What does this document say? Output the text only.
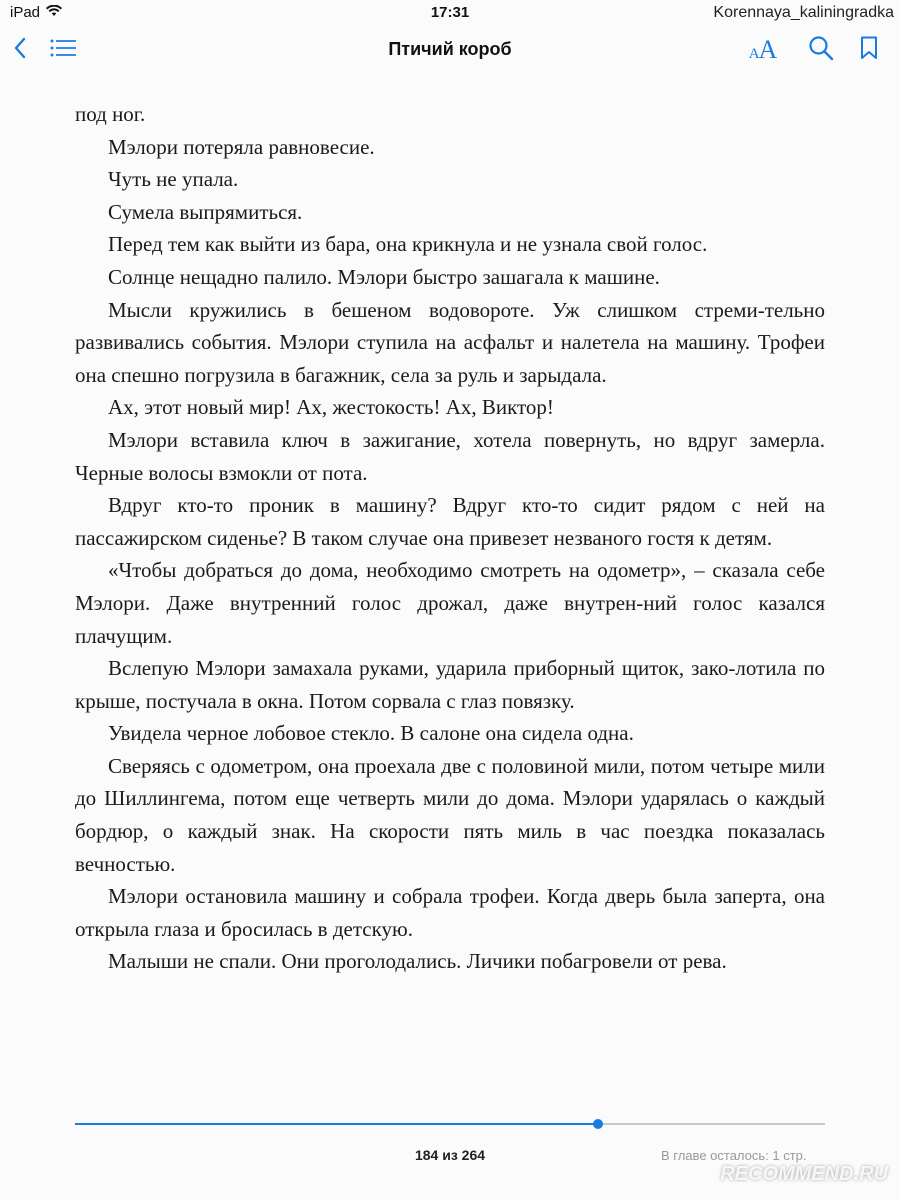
iPad	17:31	Korennaya_kaliningradka
Птичий короб	AA

под ног.

Мэлори потеряла равновесие.

Чуть не упала.

Сумела выпрямиться.

Перед тем как выйти из бара, она крикнула и не узнала свой голос.

Солнце нещадно палило. Мэлори быстро зашагала к машине.

Мысли кружились в бешеном водовороте. Уж слишком стреми-тельно развивались события. Мэлори ступила на асфальт и налетела на машину. Трофеи она спешно погрузила в багажник, села за руль и зарыдала.

Ах, этот новый мир! Ах, жестокость! Ах, Виктор!

Мэлори вставила ключ в зажигание, хотела повернуть, но вдруг замерла. Черные волосы взмокли от пота.

Вдруг кто-то проник в машину? Вдруг кто-то сидит рядом с ней на пассажирском сиденье? В таком случае она привезет незваного гостя к детям.

«Чтобы добраться до дома, необходимо смотреть на одометр», – сказала себе Мэлори. Даже внутренний голос дрожал, даже внутрен-ний голос казался плачущим.

Вслепую Мэлори замахала руками, ударила приборный щиток, зако-лотила по крыше, постучала в окна. Потом сорвала с глаз повязку.

Увидела черное лобовое стекло. В салоне она сидела одна.

Сверяясь с одометром, она проехала две с половиной мили, потом четыре мили до Шиллингема, потом еще четверть мили до дома. Мэлори ударялась о каждый бордюр, о каждый знак. На скорости пять миль в час поездка показалась вечностью.

Мэлори остановила машину и собрала трофеи. Когда дверь была заперта, она открыла глаза и бросилась в детскую.

Малыши не спали. Они проголодались. Личики побагровели от рева.

184 из 264	В главе осталось: 1 стр.
RECOMMEND.RU
